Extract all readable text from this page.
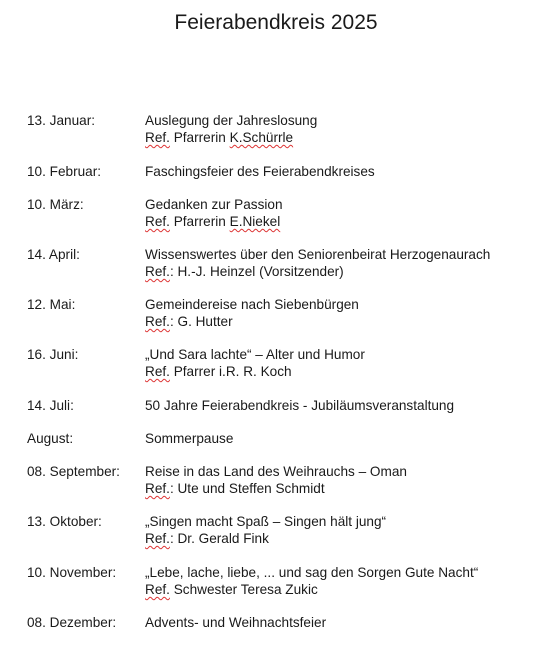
Feierabendkreis 2025
13. Januar:	Auslegung der Jahreslosung
Ref. Pfarrerin K.Schürrle
10. Februar:	Faschingsfeier des Feierabendkreises
10. März:	Gedanken zur Passion
Ref. Pfarrerin E.Niekel
14. April:	Wissenswertes über den Seniorenbeirat Herzogenaurach
Ref.: H.-J. Heinzel (Vorsitzender)
12. Mai:	Gemeindereise nach Siebenbürgen
Ref.: G. Hutter
16. Juni:	„Und Sara lachte“ – Alter und Humor
Ref. Pfarrer i.R. R. Koch
14. Juli:	50 Jahre Feierabendkreis - Jubiläumsveranstaltung
August:	Sommerpause
08. September:	Reise in das Land des Weihrauchs – Oman
Ref.: Ute und Steffen Schmidt
13. Oktober:	„Singen macht Spaß – Singen hält jung“
Ref.: Dr. Gerald Fink
10. November:	„Lebe, lache, liebe, ... und sag den Sorgen Gute Nacht“
Ref. Schwester Teresa Zukic
08. Dezember:	Advents- und Weihnachtsfeier
